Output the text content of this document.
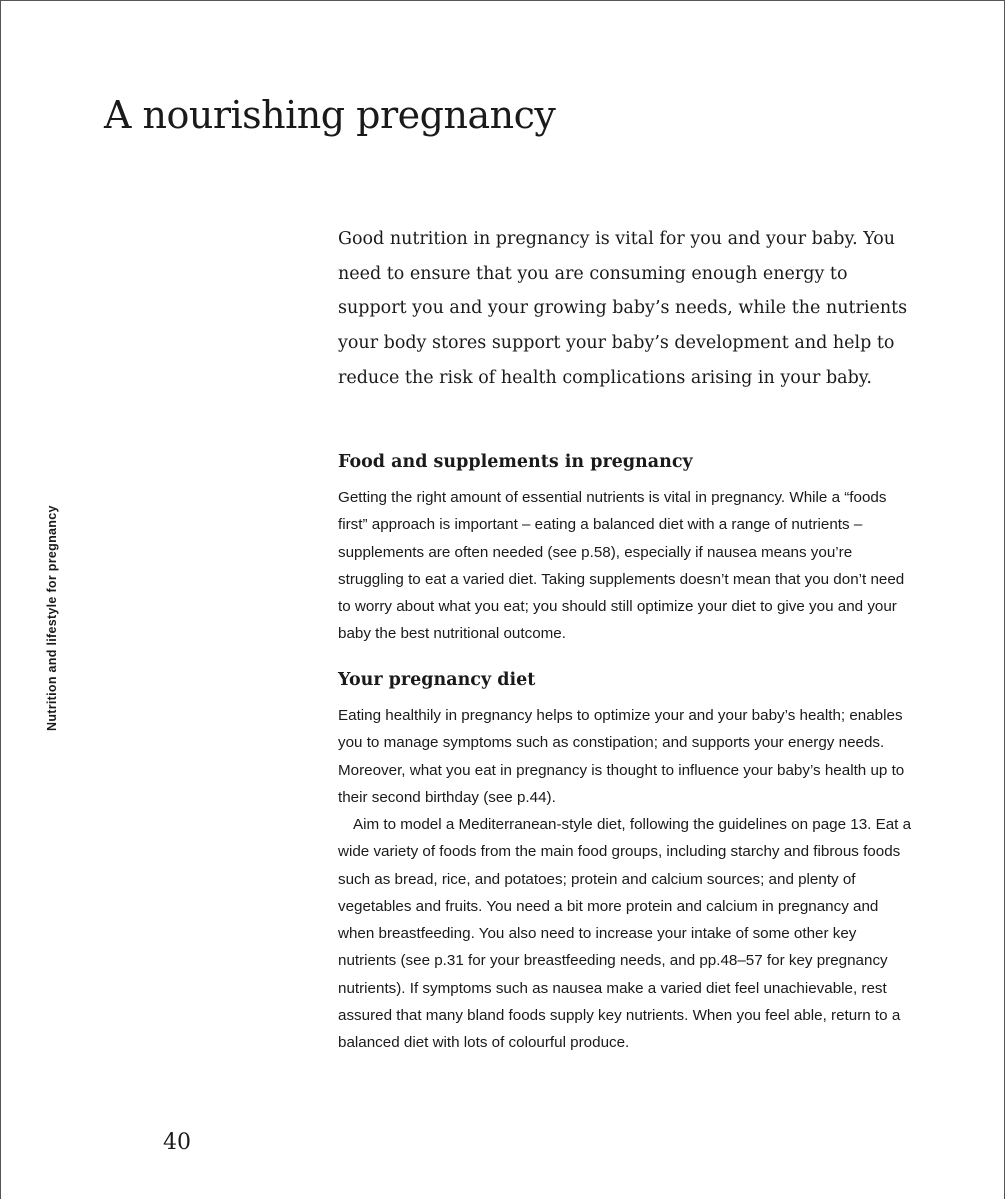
A nourishing pregnancy
Nutrition and lifestyle for pregnancy

Good nutrition in pregnancy is vital for you and your baby. You need to ensure that you are consuming enough energy to support you and your growing baby’s needs, while the nutrients your body stores support your baby’s development and help to reduce the risk of health complications arising in your baby.

Food and supplements in pregnancy

Getting the right amount of essential nutrients is vital in pregnancy. While a “foods first” approach is important – eating a balanced diet with a range of nutrients – supplements are often needed (see p.58), especially if nausea means you’re struggling to eat a varied diet. Taking supplements doesn’t mean that you don’t need to worry about what you eat; you should still optimize your diet to give you and your baby the best nutritional outcome.

Your pregnancy diet

Eating healthily in pregnancy helps to optimize your and your baby’s health; enables you to manage symptoms such as constipation; and supports your energy needs. Moreover, what you eat in pregnancy is thought to influence your baby’s health up to their second birthday (see p.44).

Aim to model a Mediterranean-style diet, following the guidelines on page 13. Eat a wide variety of foods from the main food groups, including starchy and fibrous foods such as bread, rice, and potatoes; protein and calcium sources; and plenty of vegetables and fruits. You need a bit more protein and calcium in pregnancy and when breastfeeding. You also need to increase your intake of some other key nutrients (see p.31 for your breastfeeding needs, and pp.48–57 for key pregnancy nutrients). If symptoms such as nausea make a varied diet feel unachievable, rest assured that many bland foods supply key nutrients. When you feel able, return to a balanced diet with lots of colourful produce.

40
